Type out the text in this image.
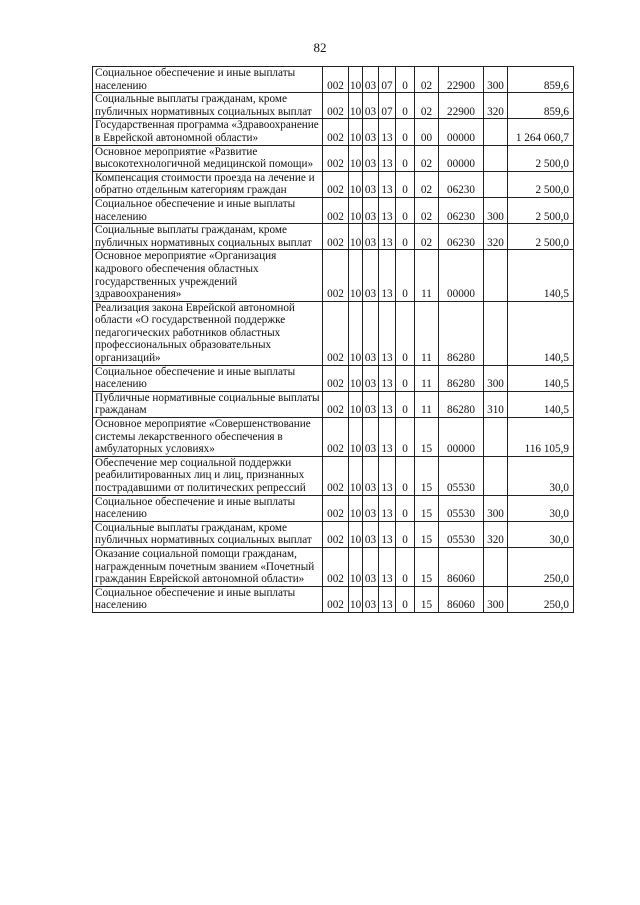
82
Социальное обеспечение и иные выплаты населению	002	10	03	07	0	02	22900	300	859,6
Социальные выплаты гражданам, кроме публичных нормативных социальных выплат	002	10	03	07	0	02	22900	320	859,6
Государственная программа «Здравоохранение в Еврейской автономной области»	002	10	03	13	0	00	00000		1 264 060,7
Основное мероприятие «Развитие высокотехнологичной медицинской помощи»	002	10	03	13	0	02	00000		2 500,0
Компенсация стоимости проезда на лечение и обратно отдельным категориям граждан	002	10	03	13	0	02	06230		2 500,0
Социальное обеспечение и иные выплаты населению	002	10	03	13	0	02	06230	300	2 500,0
Социальные выплаты гражданам, кроме публичных нормативных социальных выплат	002	10	03	13	0	02	06230	320	2 500,0
Основное мероприятие «Организация кадрового обеспечения областных государственных учреждений здравоохранения»	002	10	03	13	0	11	00000		140,5
Реализация закона Еврейской автономной области «О государственной поддержке педагогических работников областных профессиональных образовательных организаций»	002	10	03	13	0	11	86280		140,5
Социальное обеспечение и иные выплаты населению	002	10	03	13	0	11	86280	300	140,5
Публичные нормативные социальные выплаты гражданам	002	10	03	13	0	11	86280	310	140,5
Основное мероприятие «Совершенствование системы лекарственного обеспечения в амбулаторных условиях»	002	10	03	13	0	15	00000		116 105,9
Обеспечение мер социальной поддержки реабилитированных лиц и лиц, признанных пострадавшими от политических репрессий	002	10	03	13	0	15	05530		30,0
Социальное обеспечение и иные выплаты населению	002	10	03	13	0	15	05530	300	30,0
Социальные выплаты гражданам, кроме публичных нормативных социальных выплат	002	10	03	13	0	15	05530	320	30,0
Оказание социальной помощи гражданам, награжденным почетным званием «Почетный гражданин Еврейской автономной области»	002	10	03	13	0	15	86060		250,0
Социальное обеспечение и иные выплаты населению	002	10	03	13	0	15	86060	300	250,0
